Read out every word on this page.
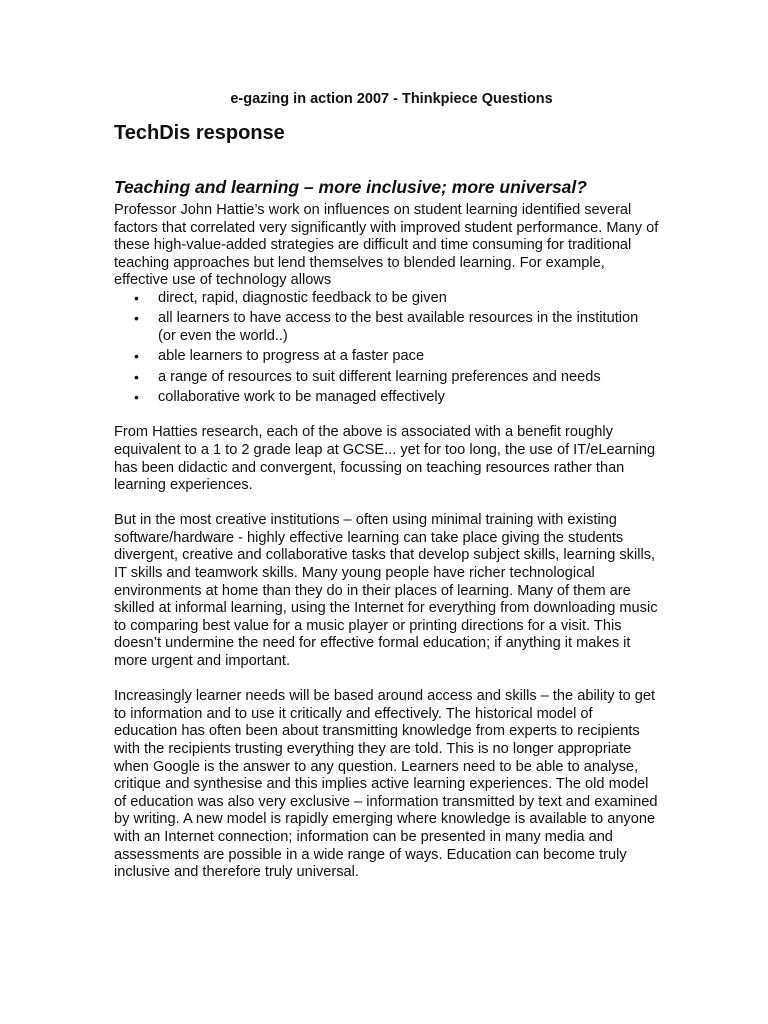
e-gazing in action 2007 - Thinkpiece Questions
TechDis response
Teaching and learning – more inclusive; more universal?

Professor John Hattie’s work on influences on student learning identified several factors that correlated very significantly with improved student performance. Many of these high-value-added strategies are difficult and time consuming for traditional teaching approaches but lend themselves to blended learning. For example, effective use of technology allows

•	direct, rapid, diagnostic feedback to be given
•	all learners to have access to the best available resources in the institution (or even the world..)
•	able learners to progress at a faster pace
•	a range of resources to suit different learning preferences and needs
•	collaborative work to be managed effectively

From Hatties research, each of the above is associated with a benefit roughly equivalent to a 1 to 2 grade leap at GCSE... yet for too long, the use of IT/eLearning has been didactic and convergent, focussing on teaching resources rather than learning experiences.

But in the most creative institutions – often using minimal training with existing software/hardware - highly effective learning can take place giving the students divergent, creative and collaborative tasks that develop subject skills, learning skills, IT skills and teamwork skills. Many young people have richer technological environments at home than they do in their places of learning. Many of them are skilled at informal learning, using the Internet for everything from downloading music to comparing best value for a music player or printing directions for a visit. This doesn’t undermine the need for effective formal education; if anything it makes it more urgent and important.

Increasingly learner needs will be based around access and skills – the ability to get to information and to use it critically and effectively. The historical model of education has often been about transmitting knowledge from experts to recipients with the recipients trusting everything they are told. This is no longer appropriate when Google is the answer to any question. Learners need to be able to analyse, critique and synthesise and this implies active learning experiences. The old model of education was also very exclusive – information transmitted by text and examined by writing. A new model is rapidly emerging where knowledge is available to anyone with an Internet connection; information can be presented in many media and assessments are possible in a wide range of ways. Education can become truly inclusive and therefore truly universal.
